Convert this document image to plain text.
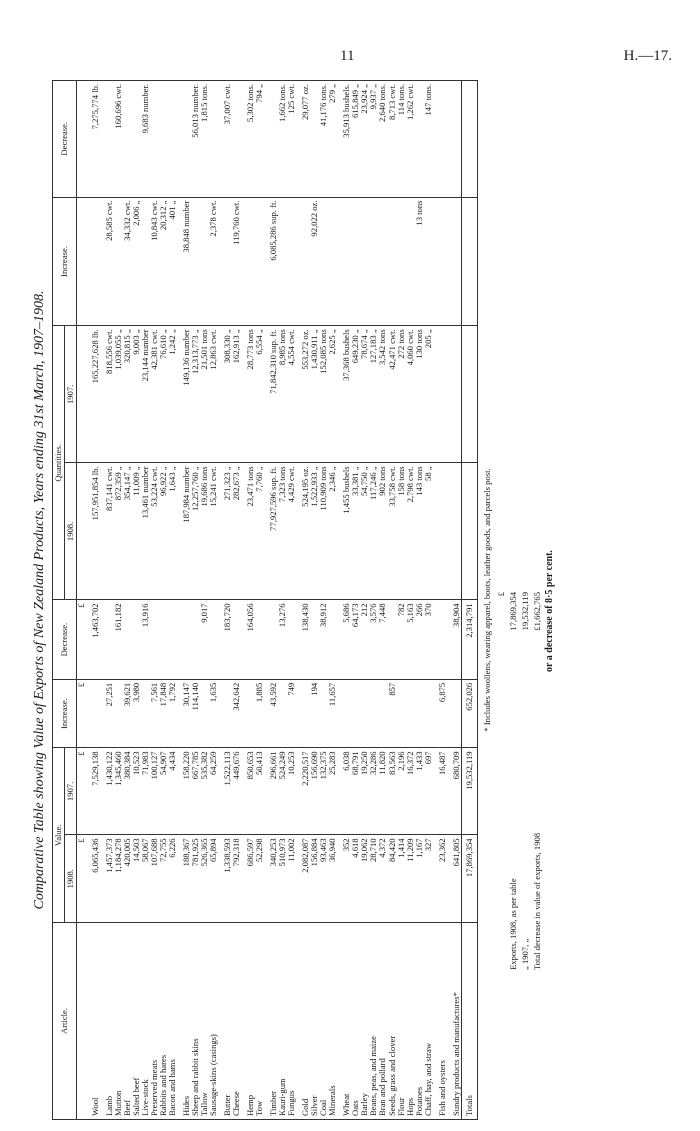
11	H.—17.
Comparative Table showing Value of Exports of New Zealand Products, Years ending 31st March, 1907–1908.
Article.	Value.		Increase.	Decrease.	Quantities.		Increase.	Decrease.
	1908.	1907.			1908.	1907.		
	£	£	£	£				

Wool	6,065,436	7,529,138		1,463,702	157,951,854 lb.	165,227,628 lb.		7,275,774 lb.

Lamb	1,457,373	1,430,122	27,251		837,141 cwt.	818,556 cwt.	28,585 cwt.	
Mutton	1,184,278	1,345,460		161,182	872,359 „	1,039,055 „		160,696 cwt.
Beef	420,005	380,384	39,621		354,147 „	320,815 „	34,332 cwt.	
Salted beef	14,503	10,523	3,980		11,009 „	9,003 „	2,006 „	
Live-stock	58,067	71,983		13,916	13,461 number	23,144 number		9,683 number.
Preserved meats	107,688	100,127	7,561		53,224 cwt.	42,381 cwt.	10,843 cwt.	
Rabbits and hares	72,755	54,907	17,848		96,922 „	76,610 „	20,312 „	
Bacon and hams	6,226	4,434	1,792		1,643 „	1,242 „	401 „	

Hides	188,367	158,220	30,147		187,984 number	149,136 number	38,848 number	
Sheep and rabbit skins	781,925	667,785	114,140		12,257,760 „	12,313,773 „		56,013 number.
Tallow	526,365	535,382		9,017	19,686 tons	21,501 tons		1,815 tons.
Sausage-skins (casings)	65,894	64,259	1,635		15,241 cwt.	12,863 cwt.	2,378 cwt.	

Butter	1,338,593	1,522,113		183,720	271,323 „	308,330 „		37,007 cwt.
Cheese	792,318	449,676	342,642		282,673 „	162,913 „	119,760 cwt.	

Hemp	686,597	850,653		164,056	23,471 tons	28,773 tons		5,302 tons.
Tow	52,298	50,413	1,885		7,760 „	6,554 „		794 „

Timber	340,253	296,661	43,592		77,927,596 sup. ft.	71,842,310 sup. ft.	6,085,286 sup. ft.	
Kauri-gum	510,973	524,249		13,276	7,323 tons	8,985 tons		1,662 tons.
Fungus	11,002	10,253	749		4,429 cwt.	4,554 cwt.		125 cwt.

Gold	2,082,087	2,220,517		138,430	524,195 oz.	553,272 oz.		29,077 oz.
Silver	156,884	156,690	194		1,522,933 „	1,430,911 „	92,022 oz.	
Coal	93,463	132,375		38,912	110,909 tons	152,085 tons		41,176 tons.
Minerals	36,940	25,283	11,657		2,346 „	2,625 „		279 „

Wheat	352	6,038		5,686	1,455 bushels	37,368 bushels		35,913 bushels.
Oats	4,618	68,791		64,173	33,381 „	649,230 „		615,849 „
Barley	19,062	19,250		212	54,750 „	78,674 „		23,924 „
Beans, peas, and maize	28,710	32,286		3,576	117,246 „	127,183 „		9,937 „
Bran and pollard	4,372	11,820		7,448	902 tons	3,542 tons		2,640 tons.
Seeds, grass and clover	84,420	83,563	857		33,758 cwt.	42,471 cwt.		8,713 cwt.
Flour	1,414	2,196		782	158 tons	272 tons		114 tons.
Hops	11,209	16,372		5,163	2,798 cwt.	4,060 cwt.		1,262 cwt.
Potatoes	1,167	1,433		266	143 tons	130 tons	13 tons	
Chaff, hay, and straw	327	697		370	58 „	205 „		147 tons.

Fish and oysters	23,362	16,487	6,875					

Sundry products and manufactures*	641,805	680,709		38,904				
Totals	17,869,354	19,532,119	652,026	2,314,791				* Includes woollens, wearing apparel, boots, leather goods, and parcels post. £
Exports, 1908, as per table
17,869,354
„ 1907, „
19,532,119
Total decrease in value of exports, 1908
£1,662,765 or a decrease of 8·5 per cent.
